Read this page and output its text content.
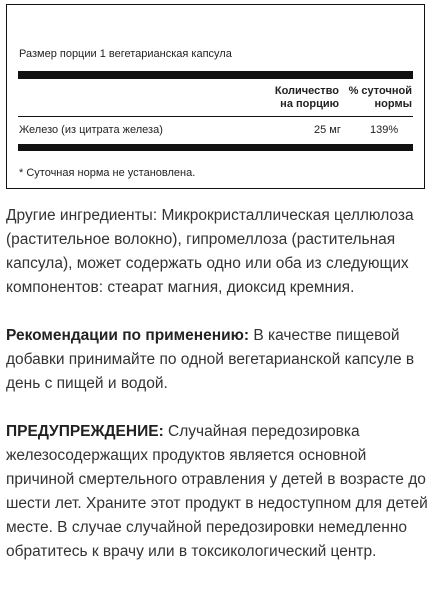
Размер порции 1 вегетарианская капсула
Количество
на порцию
% суточной
нормы
Железо (из цитрата железа)	25 мг	139%
* Суточная норма не установлена.

Другие ингредиенты: Микрокристаллическая целлюлоза (растительное волокно), гипромеллоза (растительная капсула), может содержать одно или оба из следующих компонентов: стеарат магния, диоксид кремния.

Рекомендации по применению: В качестве пищевой добавки принимайте по одной вегетарианской капсуле в день с пищей и водой.

ПРЕДУПРЕЖДЕНИЕ: Случайная передозировка железосодержащих продуктов является основной причиной смертельного отравления у детей в возрасте до шести лет. Храните этот продукт в недоступном для детей месте. В случае случайной передозировки немедленно обратитесь к врачу или в токсикологический центр.
